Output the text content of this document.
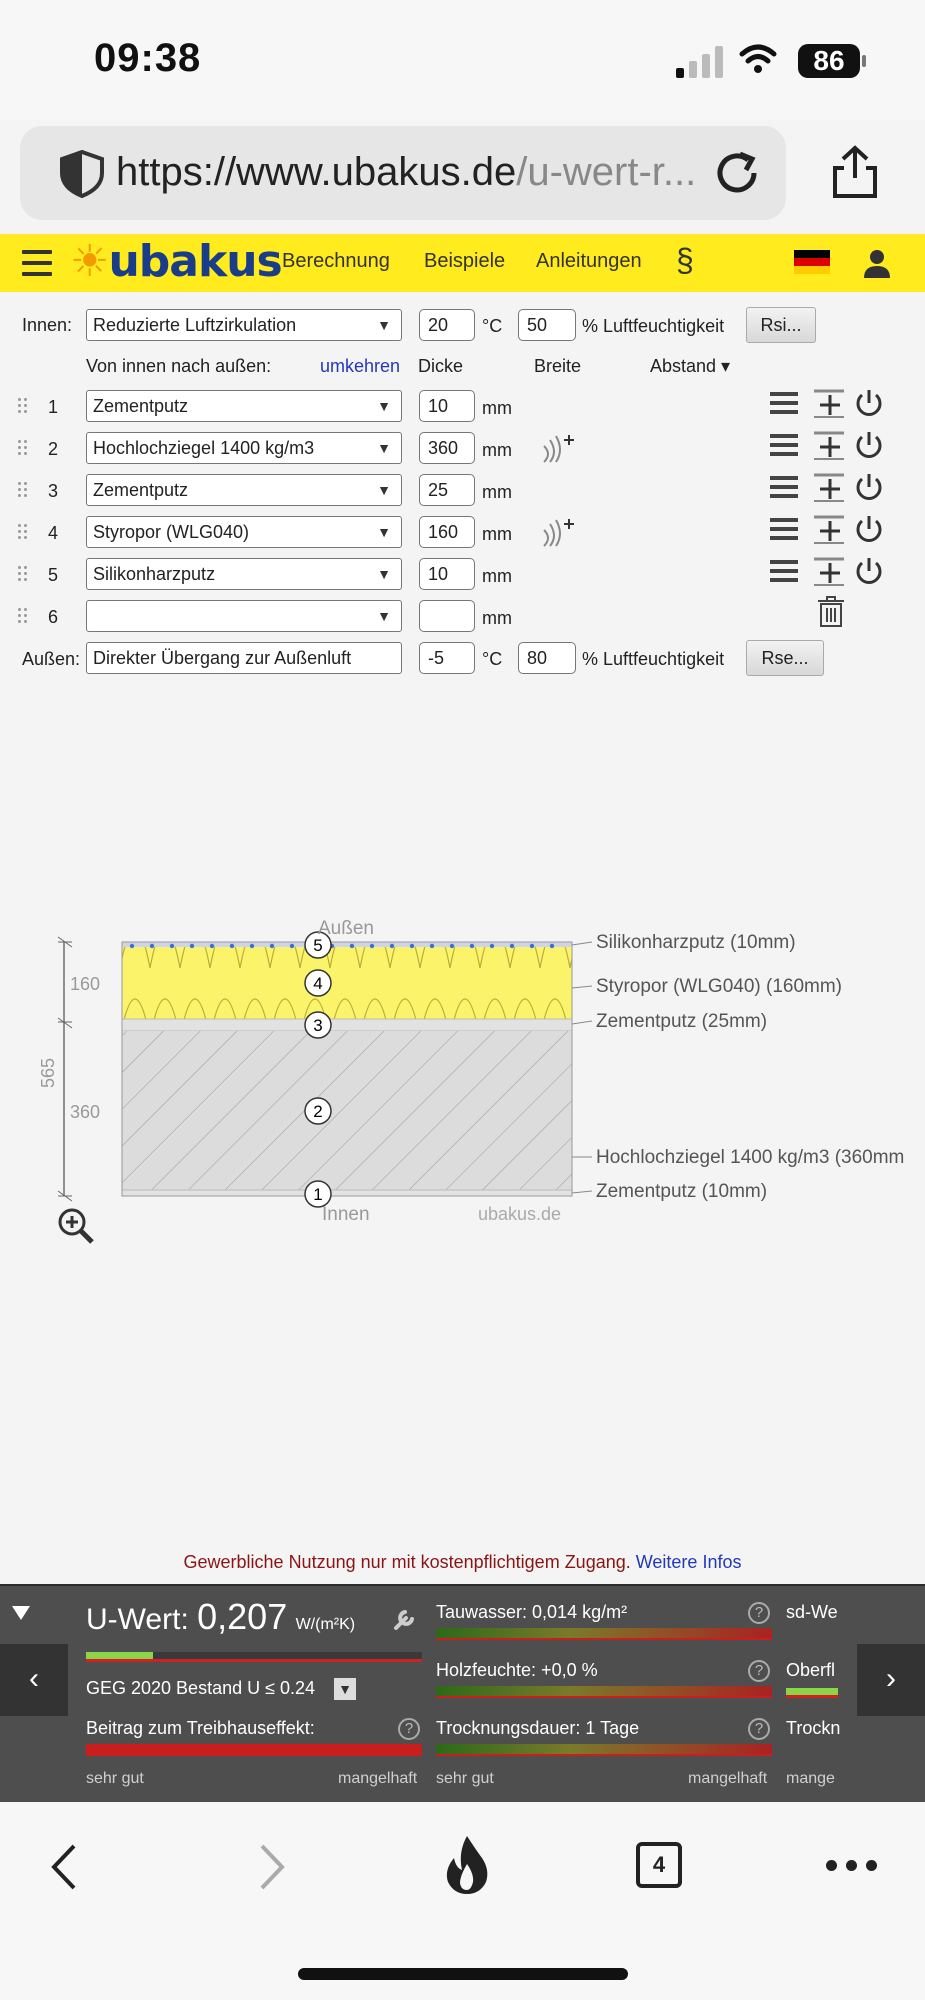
09:38	86
https://www.ubakus.de/u-wert-r...
☀ubakus Berechnung Beispiele Anleitungen §
Innen:	Reduzierte Luftzirkulation	▼	20	°C	50	% Luftfeuchtigkeit	Rsi...
Von innen nach außen:	umkehren Dicke	Breite	Abstand ▾
1	Zementputz	▼	10	mm
2	Hochlochziegel 1400 kg/m3	▼	360	mm
3	Zementputz	▼	25	mm
4	Styropor (WLG040)	▼	160	mm
5	Silikonharzputz	▼	10	mm
6	▼	mm
Außen: Direkter Übergang zur Außenluft	-5	°C	80	% Luftfeuchtigkeit	Rse...
5
4
3
2
1
Außen
Innen	ubakus.de
160
360
565
Silikonharzputz (10mm)
Styropor (WLG040) (160mm)
Zementputz (25mm)
Hochlochziegel 1400 kg/m3 (360mm
Zementputz (10mm)
Gewerbliche Nutzung nur mit kostenpflichtigem Zugang. Weitere Infos
‹	›
U-Wert: 0,207 W/(m²K)
GEG 2020 Bestand U ≤ 0.24 ▼
Beitrag zum Treibhauseffekt:	?
sehr gut	mangelhaft
Tauwasser: 0,014 kg/m²	?
Holzfeuchte: +0,0 %	?
Trocknungsdauer: 1 Tage	?
sehr gut	mangelhaft
sd-We
Oberfl
Trockn
mange
4
